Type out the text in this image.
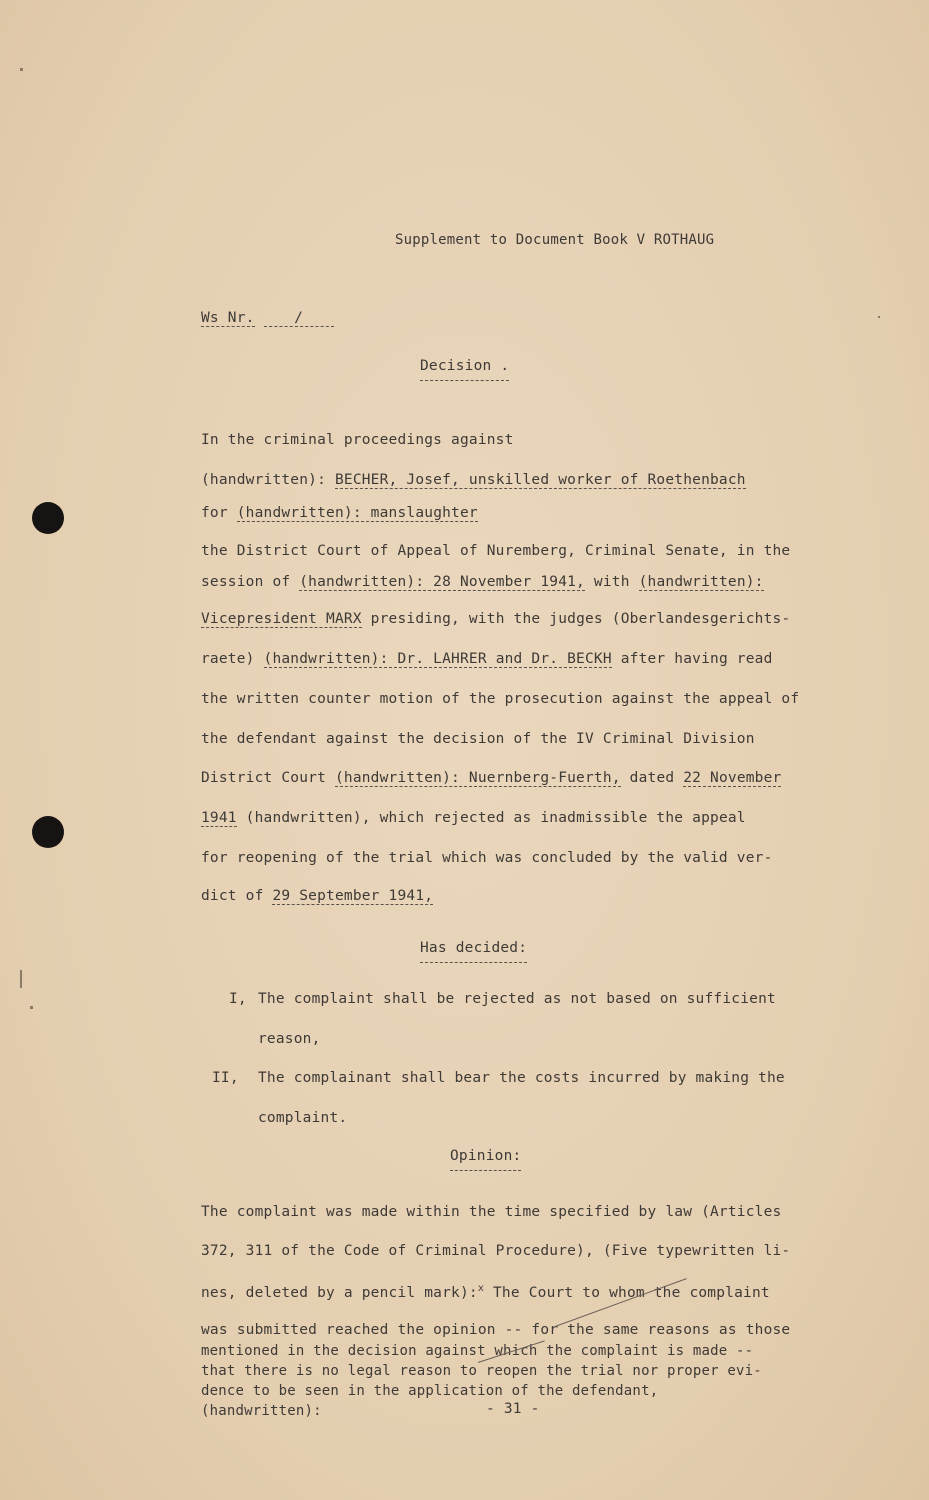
Supplement to Document Book V ROTHAUG
Ws Nr.	/
Decision .
In the criminal proceedings against
(handwritten): BECHER, Josef, unskilled worker of Roethenbach
for (handwritten): manslaughter
the District Court of Appeal of Nuremberg, Criminal Senate, in the
session of (handwritten): 28 November 1941, with (handwritten):
Vicepresident MARX presiding, with the judges (Oberlandesgerichts-
raete) (handwritten): Dr. LAHRER and Dr. BECKH after having read
the written counter motion of the prosecution against the appeal of
the defendant against the decision of the IV Criminal Division
District Court (handwritten): Nuernberg-Fuerth, dated 22 November
1941 (handwritten), which rejected as inadmissible the appeal
for reopening of the trial which was concluded by the valid ver-
dict of 29 September 1941,
Has decided:
I, The complaint shall be rejected as not based on sufficient
reason,
II, The complainant shall bear the costs incurred by making the
complaint.
Opinion:
The complaint was made within the time specified by law (Articles
372, 311 of the Code of Criminal Procedure), (Five typewritten li-
nes, deleted by a pencil mark):$^x$ The Court to whom the complaint
was submitted reached the opinion -- for the same reasons as those
mentioned in the decision against which the complaint is made --
that there is no legal reason to reopen the trial nor proper evi-
dence to be seen in the application of the defendant,
(handwritten):	- 31 -
